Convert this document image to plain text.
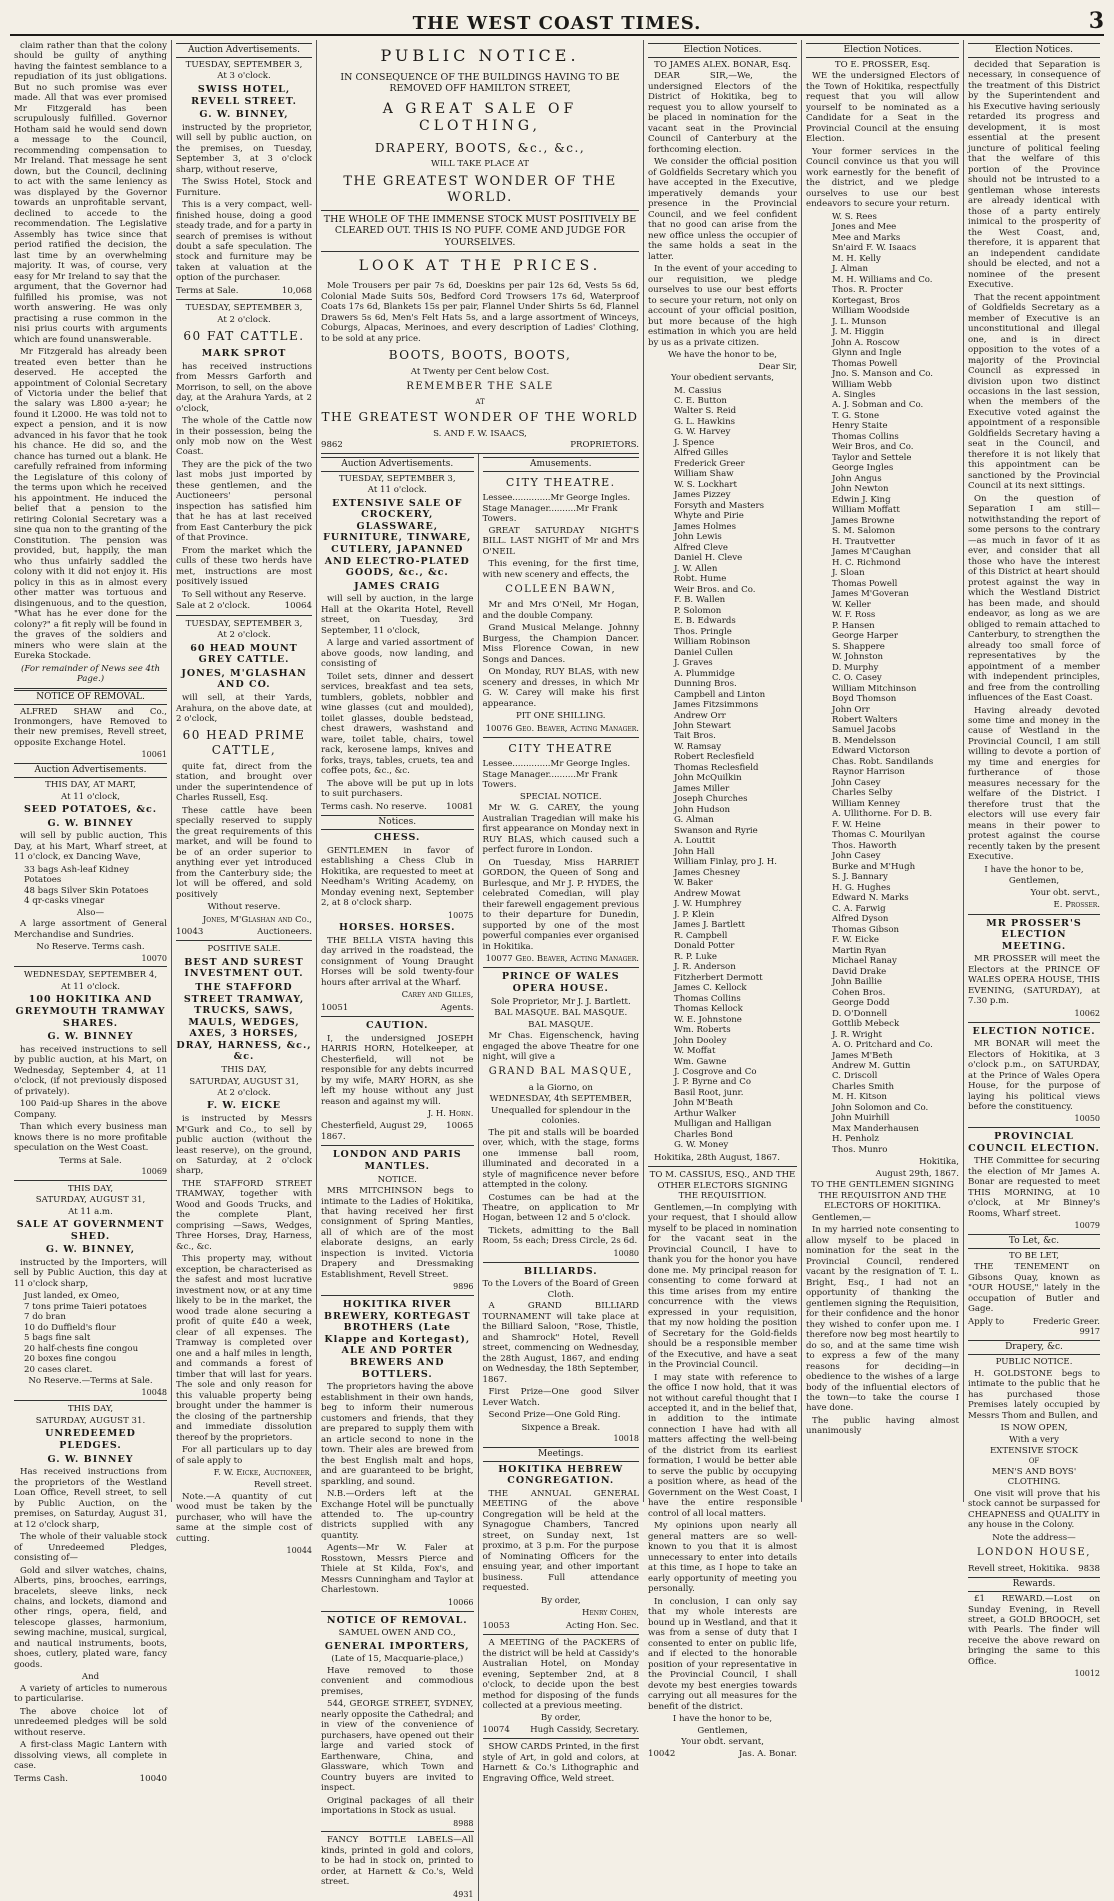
THE WEST COAST TIMES.	3
claim rather than that the colony should be guilty of anything having the faintest semblance to a repudiation of its just obligations. But no such promise was ever made. All that was ever promised Mr Fitzgerald has been scrupulously fulfilled. Governor Hotham said he would send down a message to the Council, recommending compensation to Mr Ireland. That message he sent down, but the Council, declining to act with the same leniency as was displayed by the Governor towards an unprofitable servant, declined to accede to the recommendation. The Legislative Assembly has twice since that period ratified the decision, the last time by an overwhelming majority. It was, of course, very easy for Mr Ireland to say that the argument, that the Governor had fulfilled his promise, was not worth answering. He was only practising a ruse common in the nisi prius courts with arguments which are found unanswerable.
Mr Fitzgerald has already been treated even better than he deserved. He accepted the appointment of Colonial Secretary of Victoria under the belief that the salary was L800 a-year; he found it L2000. He was told not to expect a pension, and it is now advanced in his favor that he took his chance. He did so, and the chance has turned out a blank. He carefully refrained from informing the Legislature of this colony of the terms upon which he received his appointment. He induced the belief that a pension to the retiring Colonial Secretary was a sine qua non to the granting of the Constitution. The pension was provided, but, happily, the man who thus unfairly saddled the colony with it did not enjoy it. His policy in this as in almost every other matter was tortuous and disingenuous, and to the question, "What has he ever done for the colony?" a fit reply will be found in the graves of the soldiers and miners who were slain at the Eureka Stockade.
(For remainder of News see 4th Page.)
NOTICE OF REMOVAL.
ALFRED SHAW and Co., Ironmongers, have Removed to their new premises, Revell street, opposite Exchange Hotel.
10061
Auction Advertisements.
THIS DAY, AT MART,
At 11 o'clock,
SEED POTATOES, &c.
G. W. BINNEY
will sell by public auction, This Day, at his Mart, Wharf street, at 11 o'clock, ex Dancing Wave,
33 bags Ash-leaf Kidney Potatoes
48 bags Silver Skin Potatoes
4 qr-casks vinegar
Also—
A large assortment of General Merchandise and Sundries.
No Reserve. Terms cash.
10070
WEDNESDAY, SEPTEMBER 4,
At 11 o'clock.
100 HOKITIKA AND GREYMOUTH TRAMWAY SHARES.
G. W. BINNEY
has received instructions to sell by public auction, at his Mart, on Wednesday, September 4, at 11 o'clock, (if not previously disposed of privately).
100 Paid-up Shares in the above Company.
Than which every business man knows there is no more profitable speculation on the West Coast.
Terms at Sale.
10069
THIS DAY,
SATURDAY, AUGUST 31,
At 11 a.m.
SALE AT GOVERNMENT SHED.
G. W. BINNEY,
instructed by the Importers, will sell by Public Auction, this day at 11 o'clock sharp,
Just landed, ex Omeo,
7 tons prime Taieri potatoes
7 do bran
10 do Duffield's flour
5 bags fine salt
20 half-chests fine congou
20 boxes fine congou
20 cases claret.
No Reserve.—Terms at Sale.
10048
THIS DAY,
SATURDAY, AUGUST 31.
UNREDEEMED PLEDGES.
G. W. BINNEY
Has received instructions from the proprietors of the Westland Loan Office, Revell street, to sell by Public Auction, on the premises, on Saturday, August 31, at 12 o'clock sharp,
The whole of their valuable stock of Unredeemed Pledges, consisting of—
Gold and silver watches, chains, Alberts, pins, brooches, earrings, bracelets, sleeve links, neck chains, and lockets, diamond and other rings, opera, field, and telescope glasses, harmonium, sewing machine, musical, surgical, and nautical instruments, boots, shoes, cutlery, plated ware, fancy goods.
And
A variety of articles to numerous to particularise.
The above choice lot of unredeemed pledges will be sold without reserve.
A first-class Magic Lantern with dissolving views, all complete in case.
Terms Cash.	10040
Auction Advertisements.
TUESDAY, SEPTEMBER 3,
At 3 o'clock.
SWISS HOTEL, REVELL STREET.
G. W. BINNEY,
instructed by the proprietor, will sell by public auction, on the premises, on Tuesday, September 3, at 3 o'clock sharp, without reserve,
The Swiss Hotel, Stock and Furniture.
This is a very compact, well-finished house, doing a good steady trade, and for a party in search of premises is without doubt a safe speculation. The stock and furniture may be taken at valuation at the option of the purchaser.
Terms at Sale.	10,068
TUESDAY, SEPTEMBER 3,
At 2 o'clock.
60 FAT CATTLE.
MARK SPROT
has received instructions from Messrs Garforth and Morrison, to sell, on the above day, at the Arahura Yards, at 2 o'clock,
The whole of the Cattle now in their possession, being the only mob now on the West Coast.
They are the pick of the two last mobs just imported by these gentlemen, and the Auctioneers' personal inspection has satisfied him that he has at last received from East Canterbury the pick of that Province.
From the market which the culls of these two herds have met, instructions are most positively issued
To Sell without any Reserve.
Sale at 2 o'clock.	10064
TUESDAY, SEPTEMBER 3,
At 2 o'clock.
60 HEAD MOUNT GREY CATTLE.
JONES, M'GLASHAN AND CO.
will sell, at their Yards, Arahura, on the above date, at 2 o'clock,
60 HEAD PRIME CATTLE,
quite fat, direct from the station, and brought over under the superintendence of Charles Russell, Esq.
These cattle have been specially reserved to supply the great requirements of this market, and will be found to be of an order superior to anything ever yet introduced from the Canterbury side; the lot will be offered, and sold positively
Without reserve.
Jones, M'Glashan and Co.,
10043	Auctioneers.
POSITIVE SALE.
BEST AND SUREST INVESTMENT OUT.
THE STAFFORD STREET TRAMWAY, TRUCKS, SAWS, MAULS, WEDGES, AXES, 3 HORSES, DRAY, HARNESS, &c., &c.
THIS DAY,
SATURDAY, AUGUST 31,
At 2 o'clock.
F. W. EICKE
is instructed by Messrs M'Gurk and Co., to sell by public auction (without the least reserve), on the ground, on Saturday, at 2 o'clock sharp,
THE STAFFORD STREET TRAMWAY, together with Wood and Goods Trucks, and the complete Plant, comprising —Saws, Wedges, Three Horses, Dray, Harness, &c., &c.
This property may, without exception, be characterised as the safest and most lucrative investment now, or at any time likely to be in the market, the wood trade alone securing a profit of quite £40 a week, clear of all expenses. The Tramway is completed over one and a half miles in length, and commands a forest of timber that will last for years. The sole and only reason for this valuable property being brought under the hammer is the closing of the partnership and immediate dissolution thereof by the proprietors.
For all particulars up to day of sale apply to
F. W. Eicke, Auctioneer,
Revell street.
Note.—A quantity of cut wood must be taken by the purchaser, who will have the same at the simple cost of cutting.
10044
PUBLIC NOTICE.
IN CONSEQUENCE OF THE BUILDINGS HAVING TO BE REMOVED OFF HAMILTON STREET,
A GREAT SALE OF CLOTHING,
DRAPERY, BOOTS, &c., &c.,
WILL TAKE PLACE AT
THE GREATEST WONDER OF THE WORLD.
THE WHOLE OF THE IMMENSE STOCK MUST POSITIVELY BE CLEARED OUT. THIS IS NO PUFF. COME AND JUDGE FOR YOURSELVES.
LOOK AT THE PRICES.
Mole Trousers per pair 7s 6d, Doeskins per pair 12s 6d, Vests 5s 6d, Colonial Made Suits 50s, Bedford Cord Trowsers 17s 6d, Waterproof Coats 17s 6d, Blankets 15s per pair, Flannel Under Shirts 5s 6d, Flannel Drawers 5s 6d, Men's Felt Hats 5s, and a large assortment of Winceys, Coburgs, Alpacas, Merinoes, and every description of Ladies' Clothing, to be sold at any price.
BOOTS, BOOTS, BOOTS,
At Twenty per Cent below Cost.
REMEMBER THE SALE
AT
THE GREATEST WONDER OF THE WORLD
S. AND F. W. ISAACS,
9862	PROPRIETORS.
Auction Advertisements.
TUESDAY, SEPTEMBER 3,
At 11 o'clock.
EXTENSIVE SALE OF CROCKERY, GLASSWARE, FURNITURE, TINWARE, CUTLERY, JAPANNED AND ELECTRO-PLATED GOODS, &c., &c.
JAMES CRAIG
will sell by auction, in the large Hall at the Okarita Hotel, Revell street, on Tuesday, 3rd September, 11 o'clock,
A large and varied assortment of above goods, now landing, and consisting of
Toilet sets, dinner and dessert services, breakfast and tea sets, tumblers, goblets, nobbler and wine glasses (cut and moulded), toilet glasses, double bedstead, chest drawers, washstand and ware, toilet table, chairs, towel rack, kerosene lamps, knives and forks, trays, tables, cruets, tea and coffee pots, &c., &c.
The above will be put up in lots to suit purchasers.
Terms cash. No reserve. 10081
Notices.
CHESS.
GENTLEMEN in favor of establishing a Chess Club in Hokitika, are requested to meet at Needham's Writing Academy, on Monday evening next, September 2, at 8 o'clock sharp.
10075
HORSES. HORSES.
THE BELLA VISTA having this day arrived in the roadstead, the consignment of Young Draught Horses will be sold twenty-four hours after arrival at the Wharf.
Carey and Gilles,
10051	Agents.
CAUTION.
I, the undersigned JOSEPH HARRIS HORN, Hotelkeeper, at Chesterfield, will not be responsible for any debts incurred by my wife, MARY HORN, as she left my house without any just reason and against my will.
J. H. Horn.
Chesterfield, August 29, 1867.
10065
LONDON AND PARIS MANTLES.
NOTICE.
MRS MITCHINSON begs to intimate to the Ladies of Hokitika, that having received her first consignment of Spring Mantles, all of which are of the most elaborate designs, an early inspection is invited. Victoria Drapery and Dressmaking Establishment, Revell Street.
9896
HOKITIKA RIVER BREWERY, KORTEGAST BROTHERS (Late Klappe and Kortegast), ALE AND PORTER BREWERS AND BOTTLERS.
The proprietors having the above establishment in their own hands, beg to inform their numerous customers and friends, that they are prepared to supply them with an article second to none in the town. Their ales are brewed from the best English malt and hops, and are guaranteed to be bright, sparkling, and sound.
N.B.—Orders left at the Exchange Hotel will be punctually attended to. The up-country districts supplied with any quantity.
Agents—Mr W. Faler at Rosstown, Messrs Pierce and Thiele at St Kilda, Fox's, and Messrs Cunningham and Taylor at Charlestown.
10066
NOTICE OF REMOVAL.
SAMUEL OWEN AND CO.,
GENERAL IMPORTERS,
(Late of 15, Macquarie-place,)
Have removed to those convenient and commodious premises,
544, GEORGE STREET, SYDNEY, nearly opposite the Cathedral; and in view of the convenience of purchasers, have opened out their large and varied stock of Earthenware, China, and Glassware, which Town and Country buyers are invited to inspect.
Original packages of all their importations in Stock as usual.
8988
FANCY BOTTLE LABELS—All kinds, printed in gold and colors, to be had in stock on, printed to order, at Harnett & Co.'s, Weld street.
4931
Amusements.
CITY THEATRE.
Lessee..............Mr George Ingles.
Stage Manager..........Mr Frank Towers.
GREAT SATURDAY NIGHT'S BILL. LAST NIGHT of Mr and Mrs O'NEIL
This evening, for the first time, with new scenery and effects, the
COLLEEN BAWN,
Mr and Mrs O'Neil, Mr Hogan, and the double Company.
Grand Musical Melange. Johnny Burgess, the Champion Dancer. Miss Florence Cowan, in new Songs and Dances.
On Monday, RUY BLAS, with new scenery and dresses, in which Mr G. W. Carey will make his first appearance.
PIT ONE SHILLING.
10076 Geo. Beaver, Acting Manager.
CITY THEATRE
Lessee..............Mr George Ingles.
Stage Manager..........Mr Frank Towers.
SPECIAL NOTICE.
Mr W. G. CAREY, the young Australian Tragedian will make his first appearance on Monday next in RUY BLAS, which caused such a perfect furore in London.
On Tuesday, Miss HARRIET GORDON, the Queen of Song and Burlesque, and Mr J. P. HYDES, the celebrated Comedian, will play their farewell engagement previous to their departure for Dunedin, supported by one of the most powerful companies ever organised in Hokitika.
10077 Geo. Beaver, Acting Manager.
PRINCE OF WALES OPERA HOUSE.
Sole Proprietor, Mr J. J. Bartlett.
BAL MASQUE. BAL MASQUE.
BAL MASQUE.
Mr Chas. Eigenschenck, having engaged the above Theatre for one night, will give a
GRAND BAL MASQUE,
a la Giorno, on
WEDNESDAY, 4th SEPTEMBER,
Unequalled for splendour in the colonies.
The pit and stalls will be boarded over, which, with the stage, forms one immense ball room, illuminated and decorated in a style of magnificence never before attempted in the colony.
Costumes can be had at the Theatre, on application to Mr Hogan, between 12 and 5 o'clock.
Tickets, admitting to the Ball Room, 5s each; Dress Circle, 2s 6d.
10080
BILLIARDS.
To the Lovers of the Board of Green Cloth.
A GRAND BILLIARD TOURNAMENT will take place at the Billiard Saloon, "Rose, Thistle, and Shamrock" Hotel, Revell street, commencing on Wednesday, the 28th August, 1867, and ending on Wednesday, the 18th September, 1867.
First Prize—One good Silver Lever Watch.
Second Prize—One Gold Ring.
Sixpence a Break.
10018
Meetings.
HOKITIKA HEBREW CONGREGATION.
THE ANNUAL GENERAL MEETING of the above Congregation will be held at the Synagogue Chambers, Tancred street, on Sunday next, 1st proximo, at 3 p.m. For the purpose of Nominating Officers for the ensuing year, and other important business. Full attendance requested.
By order,
Henry Cohen,
10053	Acting Hon. Sec.
A MEETING of the PACKERS of the district will be held at Cassidy's Australian Hotel, on Monday evening, September 2nd, at 8 o'clock, to decide upon the best method for disposing of the funds collected at a previous meeting.
By order,
10074 Hugh Cassidy, Secretary.
SHOW CARDS Printed, in the first style of Art, in gold and colors, at Harnett & Co.'s Lithographic and Engraving Office, Weld street.
Election Notices.
TO JAMES ALEX. BONAR, Esq.
DEAR SIR,—We, the undersigned Electors of the District of Hokitika, beg to request you to allow yourself to be placed in nomination for the vacant seat in the Provincial Council of Canterbury at the forthcoming election.
We consider the official position of Goldfields Secretary which you have accepted in the Executive, imperatively demands your presence in the Provincial Council, and we feel confident that no good can arise from the new office unless the occupier of the same holds a seat in the latter.
In the event of your acceding to our requisition, we pledge ourselves to use our best efforts to secure your return, not only on account of your official position, but more because of the high estimation in which you are held by us as a private citizen.
We have the honor to be,
Dear Sir,
Your obedient servants,
M. Cassius
C. E. Button
Walter S. Reid
G. L. Hawkins
G. W. Harvey
J. Spence
Alfred Gilles
Frederick Greer
William Shaw
W. S. Lockhart
James Pizzey
Forsyth and Masters
Whyte and Pirie
James Holmes
John Lewis
Alfred Cleve
Daniel H. Cleve
J. W. Allen
Robt. Hume
Weir Bros. and Co.
F. B. Wallen
P. Solomon
E. B. Edwards
Thos. Pringle
William Robinson
Daniel Cullen
J. Graves
A. Plummidge
Dunning Bros.
Campbell and Linton
James Fitzsimmons
Andrew Orr
John Stewart
Tait Bros.
W. Ramsay
Robert Reclesfield
Thomas Reclesfield
John McQuilkin
James Miller
Joseph Churches
John Hudson
G. Alman
Swanson and Ryrie
A. Louttit
John Hall
William Finlay, pro J. H.
James Chesney
W. Baker
Andrew Mowat
J. W. Humphrey
J. P. Klein
James J. Bartlett
R. Campbell
Donald Potter
R. P. Luke
J. R. Anderson
Fitzherbert Dermott
James C. Kellock
Thomas Collins
Thomas Kellock
W. E. Johnstone
Wm. Roberts
John Dooley
W. Moffat
Wm. Gawne
J. Cosgrove and Co
J. P. Byrne and Co
Basil Root, junr.
John M'Beath
Arthur Walker
Mulligan and Halligan
Charles Bond
G. W. Money
Hokitika, 28th August, 1867.
TO M. CASSIUS, ESQ., AND THE OTHER ELECTORS SIGNING THE REQUISITION.
Gentlemen,—In complying with your request, that I should allow myself to be placed in nomination for the vacant seat in the Provincial Council, I have to thank you for the honor you have done me. My principal reason for consenting to come forward at this time arises from my entire concurrence with the views expressed in your requisition, that my now holding the position of Secretary for the Gold-fields should be a responsible member of the Executive, and have a seat in the Provincial Council.
I may state with reference to the office I now hold, that it was not without careful thought that I accepted it, and in the belief that, in addition to the intimate connection I have had with all matters affecting the well-being of the district from its earliest formation, I would be better able to serve the public by occupying a position where, as head of the Government on the West Coast, I have the entire responsible control of all local matters.
My opinions upon nearly all general matters are so well-known to you that it is almost unnecessary to enter into details at this time, as I hope to take an early opportunity of meeting you personally.
In conclusion, I can only say that my whole interests are bound up in Westland, and that it was from a sense of duty that I consented to enter on public life, and if elected to the honorable position of your representative in the Provincial Council, I shall devote my best energies towards carrying out all measures for the benefit of the district.
I have the honor to be,
Gentlemen,
Your obdt. servant,
10042	Jas. A. Bonar.
Election Notices.
TO E. PROSSER, Esq.
WE the undersigned Electors of the Town of Hokitika, respectfully request that you will allow yourself to be nominated as a Candidate for a Seat in the Provincial Council at the ensuing Election.
Your former services in the Council convince us that you will work earnestly for the benefit of the district, and we pledge ourselves to use our best endeavors to secure your return.
W. S. Rees
Jones and Mee
Mee and Marks
Sn'aird F. W. Isaacs
M. H. Kelly
J. Alman
M. H. Williams and Co.
Thos. R. Procter
Kortegast, Bros
William Woodside
J. L. Munson
J. M. Higgin
John A. Roscow
Glynn and Ingle
Thomas Powell
Jno. S. Manson and Co.
William Webb
A. Singles
A. J. Sobman and Co.
T. G. Stone
Henry Staite
Thomas Collins
Weir Bros, and Co.
Taylor and Settele
George Ingles
John Angus
John Newton
Edwin J. King
William Moffatt
James Browne
S. M. Salomon
H. Trautvetter
James M'Caughan
H. C. Richmond
J. Sloan
Thomas Powell
James M'Goveran
W. Keller
W. F. Ross
P. Hansen
George Harper
S. Shappere
W. Johnston
D. Murphy
C. O. Casey
William Mitchinson
Boyd Thomson
John Orr
Robert Walters
Samuel Jacobs
B. Mendelsson
Edward Victorson
Chas. Robt. Sandilands
Raynor Harrison
John Casey
Charles Selby
William Kenney
A. Ullithorne. For D. B.
F. W. Heine
Thomas C. Mourilyan
Thos. Haworth
John Casey
Burke and M'Hugh
S. J. Bannary
H. G. Hughes
Edward N. Marks
C. A. Farwig
Alfred Dyson
Thomas Gibson
F. W. Eicke
Martin Ryan
Michael Ranay
David Drake
John Baillie
Cohen Bros.
George Dodd
D. O'Donnell
Gottlib Mebeck
J. R. Wright
A. O. Pritchard and Co.
James M'Beth
Andrew M. Guttin
C. Driscoll
Charles Smith
M. H. Kitson
John Solomon and Co.
John Muirhill
Max Manderhausen
H. Penholz
Thos. Munro
Hokitika,
August 29th, 1867.
TO THE GENTLEMEN SIGNING THE REQUISITON AND THE ELECTORS OF HOKITIKA.
Gentlemen,—
In my harried note consenting to allow myself to be placed in nomination for the seat in the Provincial Council, rendered vacant by the resignation of T. L. Bright, Esq., I had not an opportunity of thanking the gentlemen signing the Requisition, for their confidence and the honor they wished to confer upon me. I therefore now beg most heartily to do so, and at the same time wish to express a few of the many reasons for deciding—in obedience to the wishes of a large body of the influential electors of the town—to take the course I have done.
The public having almost unanimously
Election Notices.
decided that Separation is necessary, in consequence of the treatment of this District by the Superintendent and his Executive having seriously retarded its progress and development, it is most essential at the present juncture of political feeling that the welfare of this portion of the Province should not be intrusted to a gentleman whose interests are already identical with those of a party entirely inimical to the prosperity of the West Coast, and, therefore, it is apparent that an independent candidate should be elected, and not a nominee of the present Executive.
That the recent appointment of Goldfields Secretary as a member of Executive is an unconstitutional and illegal one, and is in direct opposition to the votes of a majority of the Provincial Council as expressed in division upon two distinct occasions in the last session, when the members of the Executive voted against the appointment of a responsible Goldfields Secretary having a seat in the Council, and therefore it is not likely that this appointment can be sanctioned by the Provincial Council at its next sittings.
On the question of Separation I am still—notwithstanding the report of some persons to the contrary—as much in favor of it as ever, and consider that all those who have the interest of this District at heart should protest against the way in which the Westland District has been made, and should endeavor, as long as we are obliged to remain attached to Canterbury, to strengthen the already too small force of representatives by the appointment of a member with independent principles, and free from the controlling influences of the East Coast.
Having already devoted some time and money in the cause of Westland in the Provincial Council, I am still willing to devote a portion of my time and energies for furtherance of those measures necessary for the welfare of the District. I therefore trust that the electors will use every fair means in their power to protest against the course recently taken by the present Executive.
I have the honor to be,
Gentlemen,
Your obt. servt.,
E. Prosser.
MR PROSSER'S ELECTION MEETING.
MR PROSSER will meet the Electors at the PRINCE OF WALES OPERA HOUSE, THIS EVENING, (SATURDAY), at 7.30 p.m.
10062
ELECTION NOTICE.
MR BONAR will meet the Electors of Hokitika, at 3 o'clock p.m., on SATURDAY, at the Prince of Wales Opera House, for the purpose of laying his political views before the constituency.
10050
PROVINCIAL COUNCIL ELECTION.
THE Committee for securing the election of Mr James A. Bonar are requested to meet THIS MORNING, at 10 o'clock, at Mr Binney's Rooms, Wharf street.
10079
To Let, &c.
TO BE LET,
THE TENEMENT on Gibsons Quay, known as "OUR HOUSE," lately in the occupation of Butler and Gage.
Apply to	Frederic Greer.
9917
Drapery, &c.
PUBLIC NOTICE.
H. GOLDSTONE begs to intimate to the public that he has purchased those Premises lately occupied by Messrs Thom and Bullen, and
IS NOW OPEN,
With a very
EXTENSIVE STOCK
OF
MEN'S AND BOYS' CLOTHING.
One visit will prove that his stock cannot be surpassed for CHEAPNESS and QUALITY in any house in the Colony.
Note the address—
LONDON HOUSE,
Revell street, Hokitika. 9838
Rewards.
£1 REWARD.—Lost on Sunday Evening, in Revell street, a GOLD BROOCH, set with Pearls. The finder will receive the above reward on bringing the same to this Office.
10012
